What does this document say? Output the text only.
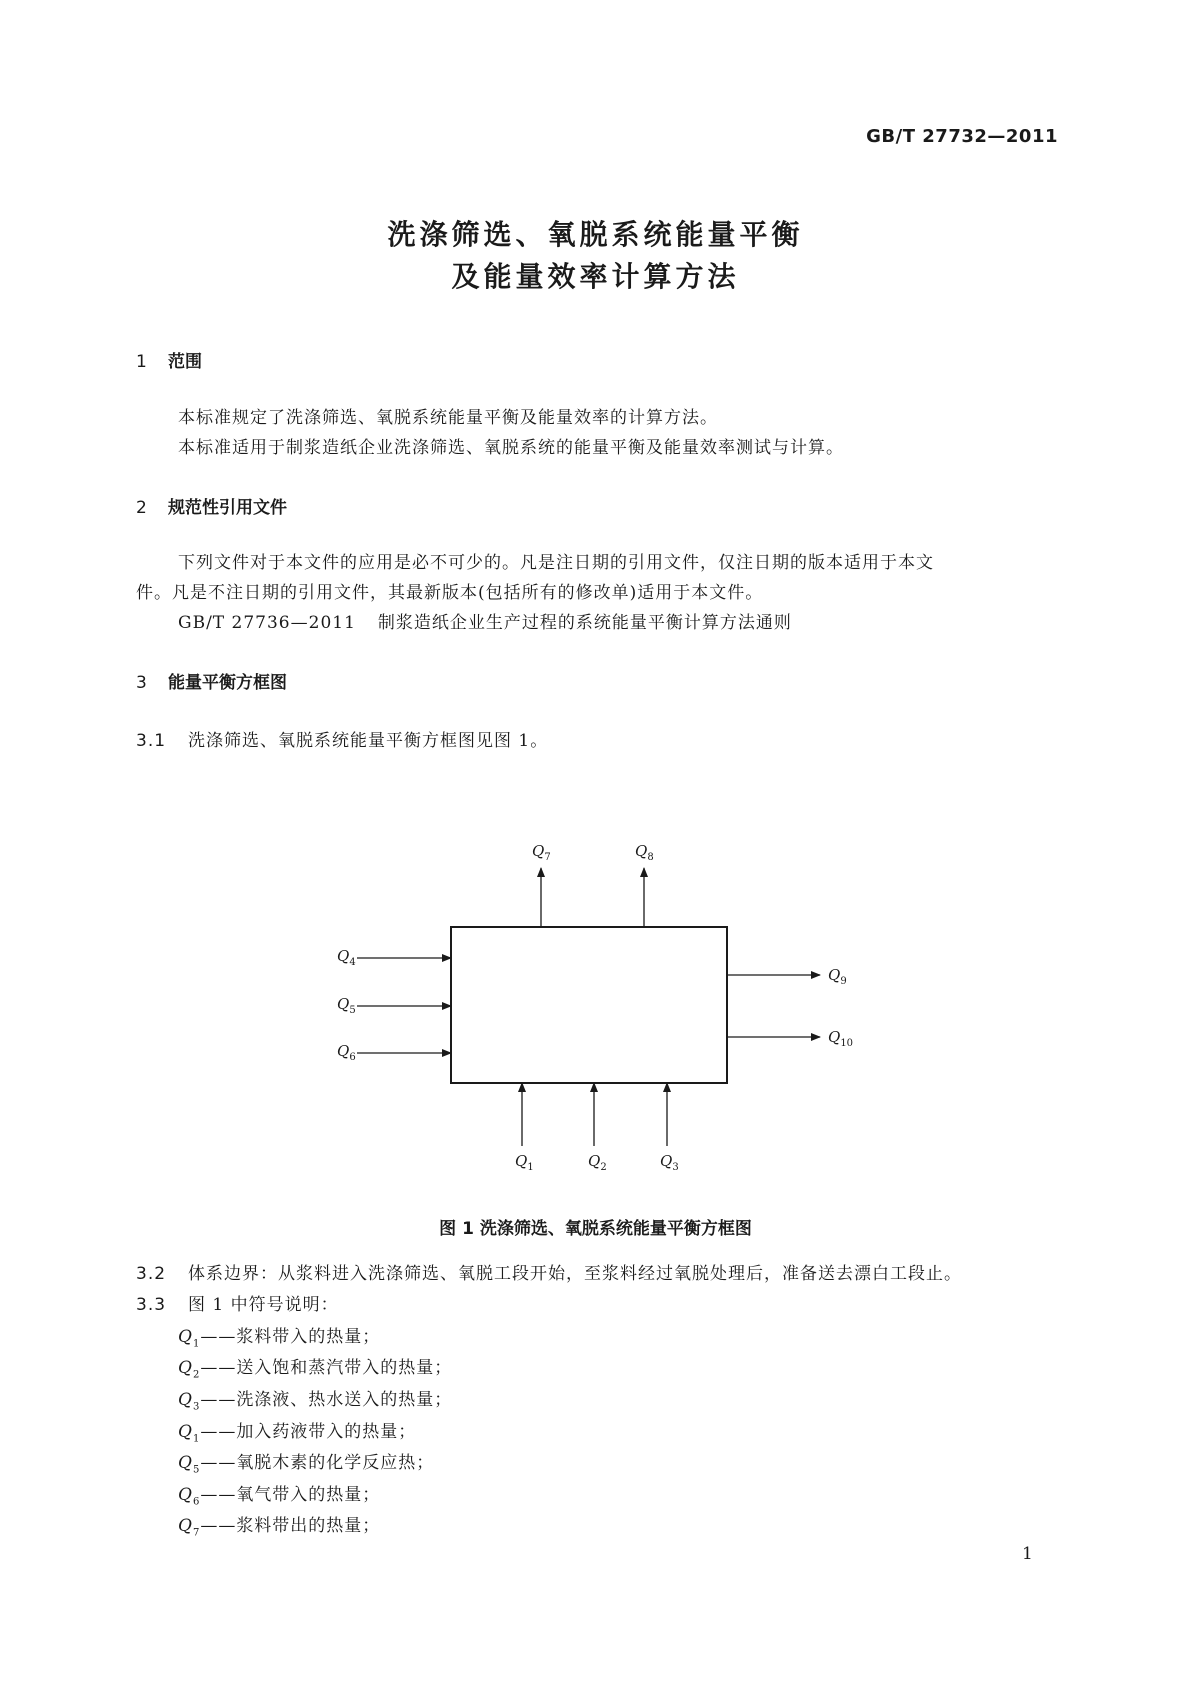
GB/T 27732—2011
洗涤筛选、氧脱系统能量平衡
及能量效率计算方法
1 范围
本标准规定了洗涤筛选、氧脱系统能量平衡及能量效率的计算方法。
本标准适用于制浆造纸企业洗涤筛选、氧脱系统的能量平衡及能量效率测试与计算。
2 规范性引用文件
下列文件对于本文件的应用是必不可少的。凡是注日期的引用文件，仅注日期的版本适用于本文
件。凡是不注日期的引用文件，其最新版本(包括所有的修改单)适用于本文件。
GB/T 27736—2011 制浆造纸企业生产过程的系统能量平衡计算方法通则
3 能量平衡方框图
3.1 洗涤筛选、氧脱系统能量平衡方框图见图 1。
$Q_7$	$Q_8$
$Q_4$
$Q_5$
$Q_6$
$Q_9$
$Q_{10}$
$Q_1$	$Q_2$	$Q_3$
图 1 洗涤筛选、氧脱系统能量平衡方框图
3.2 体系边界：从浆料进入洗涤筛选、氧脱工段开始，至浆料经过氧脱处理后，准备送去漂白工段止。
3.3 图 1 中符号说明：
$Q_1——$浆料带入的热量；
$Q_2——$送入饱和蒸汽带入的热量；
$Q_3——$洗涤液、热水送入的热量；
$Q_1——$加入药液带入的热量；
$Q_5——$氧脱木素的化学反应热；
$Q_6——$氧气带入的热量；
$Q_7——$浆料带出的热量；
1
